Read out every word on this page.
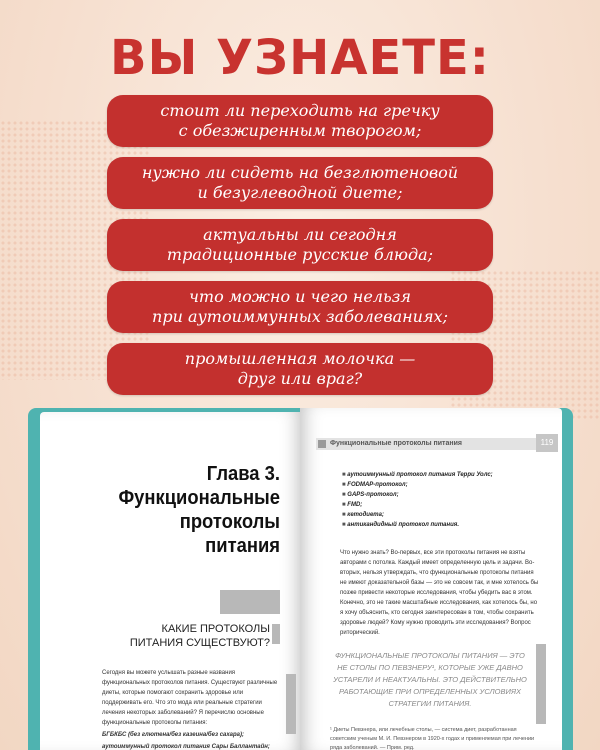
ВЫ УЗНАЕТЕ:
стоит ли переходить на гречку
с обезжиренным творогом;
нужно ли сидеть на безглютеновой
и безуглеводной диете;
актуальны ли сегодня
традиционные русские блюда;
что можно и чего нельзя
при аутоиммунных заболеваниях;
промышленная молочка —
друг или враг?
Глава 3.
Функциональные
протоколы
питания
КАКИЕ ПРОТОКОЛЫ
ПИТАНИЯ СУЩЕСТВУЮТ?

Сегодня вы можете услышать разные названия функциональных протоколов питания. Существуют различные диеты, которые помогают сохранить здоровье или поддерживать его. Что это мода или реальные стратегии лечения некоторых заболеваний? Я перечислю основные функциональные протоколы питания:

БГБКБС (без глютена/без казеина/без сахара);

аутоиммунный протокол питания Сары Баллантайн;

Функциональные протоколы питания	119
■ аутоиммунный протокол питания Терри Уолс;
■ FODMAP-протокол;
■ GAPS-протокол;
■ FMD;
■ кетодиета;
■ антикандидный протокол питания.
Что нужно знать? Во-первых, все эти протоколы питания не взяты авторами с потолка. Каждый имеет определенную цель и задачи. Во-вторых, нельзя утверждать, что функциональные протоколы питания не имеют доказательной базы — это не совсем так, и мне хотелось бы позже привести некоторые исследования, чтобы убедить вас в этом. Конечно, это не такие масштабные исследования, как хотелось бы, но я хочу объяснить, кто сегодня заинтересован в том, чтобы сохранить здоровье людей? Кому нужно проводить эти исследования? Вопрос риторический.
ФУНКЦИОНАЛЬНЫЕ ПРОТОКОЛЫ ПИТАНИЯ — ЭТО НЕ СТОЛЫ ПО ПЕВЗНЕРУ¹, КОТОРЫЕ УЖЕ ДАВНО УСТАРЕЛИ И НЕАКТУАЛЬНЫ. ЭТО ДЕЙСТВИТЕЛЬНО РАБОТАЮЩИЕ ПРИ ОПРЕДЕЛЕННЫХ УСЛОВИЯХ СТРАТЕГИИ ПИТАНИЯ.
¹ Диеты Певзнера, или лечебные столы, — система диет, разработанная советским ученым М. И. Певзнером в 1920-х годах и применяемая при лечении ряда заболеваний. — Прим. ред.
